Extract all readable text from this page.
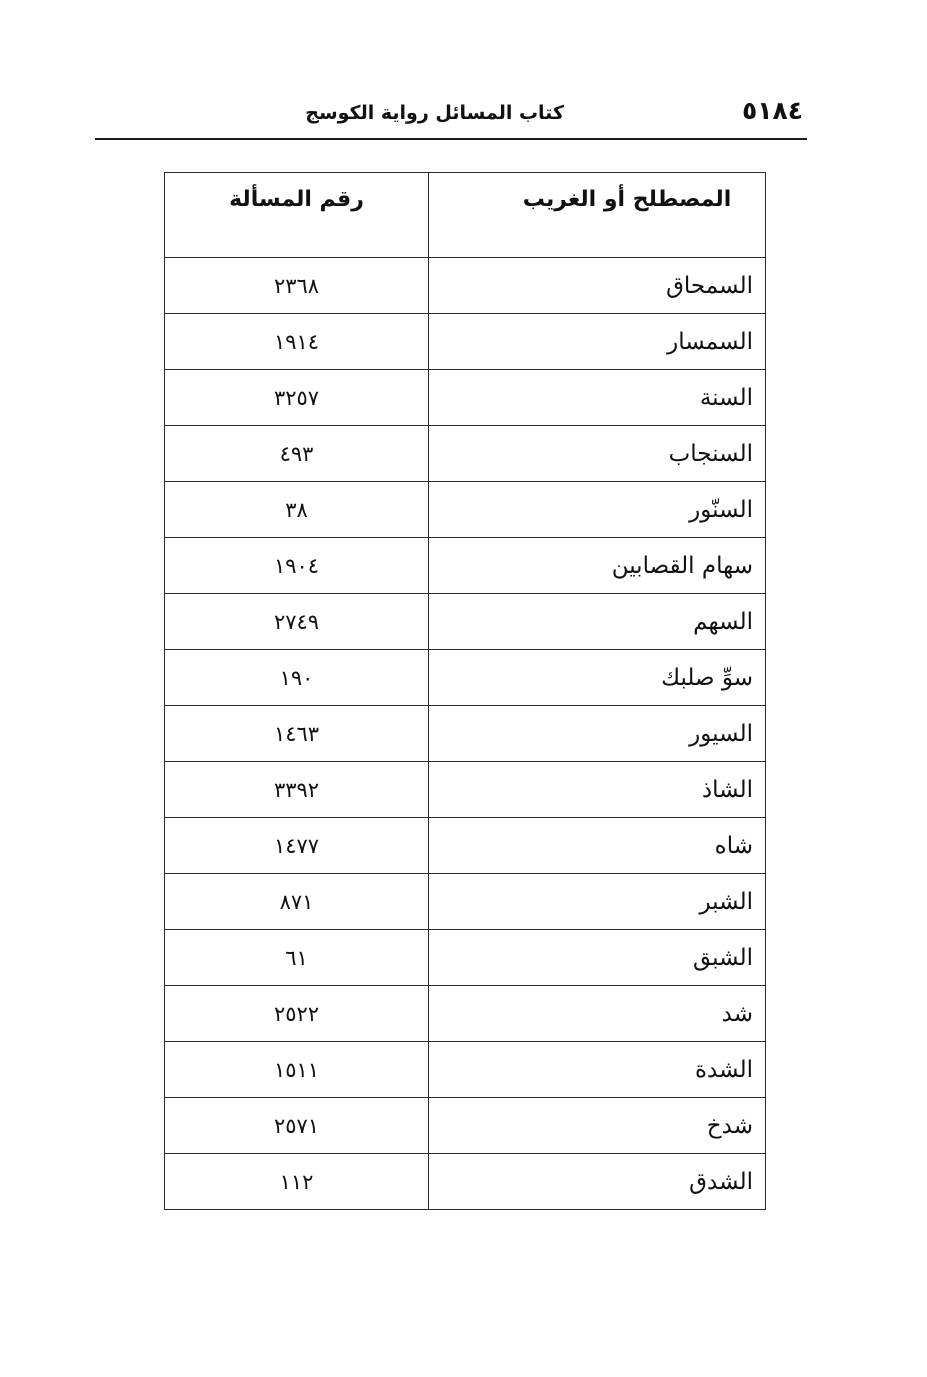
٥١٨٤
كتاب المسائل رواية الكوسج
المصطلح أو الغريب	رقم المسألة
السمحاق	٢٣٦٨
السمسار	١٩١٤
السنة	٣٢٥٧
السنجاب	٤٩٣
السنّور	٣٨
سهام القصابين	١٩٠٤
السهم	٢٧٤٩
سوِّ صلبك	١٩٠
السيور	١٤٦٣
الشاذ	٣٣٩٢
شاه	١٤٧٧
الشبر	٨٧١
الشبق	٦١
شد	٢٥٢٢
الشدة	١٥١١
شدخ	٢٥٧١
الشدق	١١٢
